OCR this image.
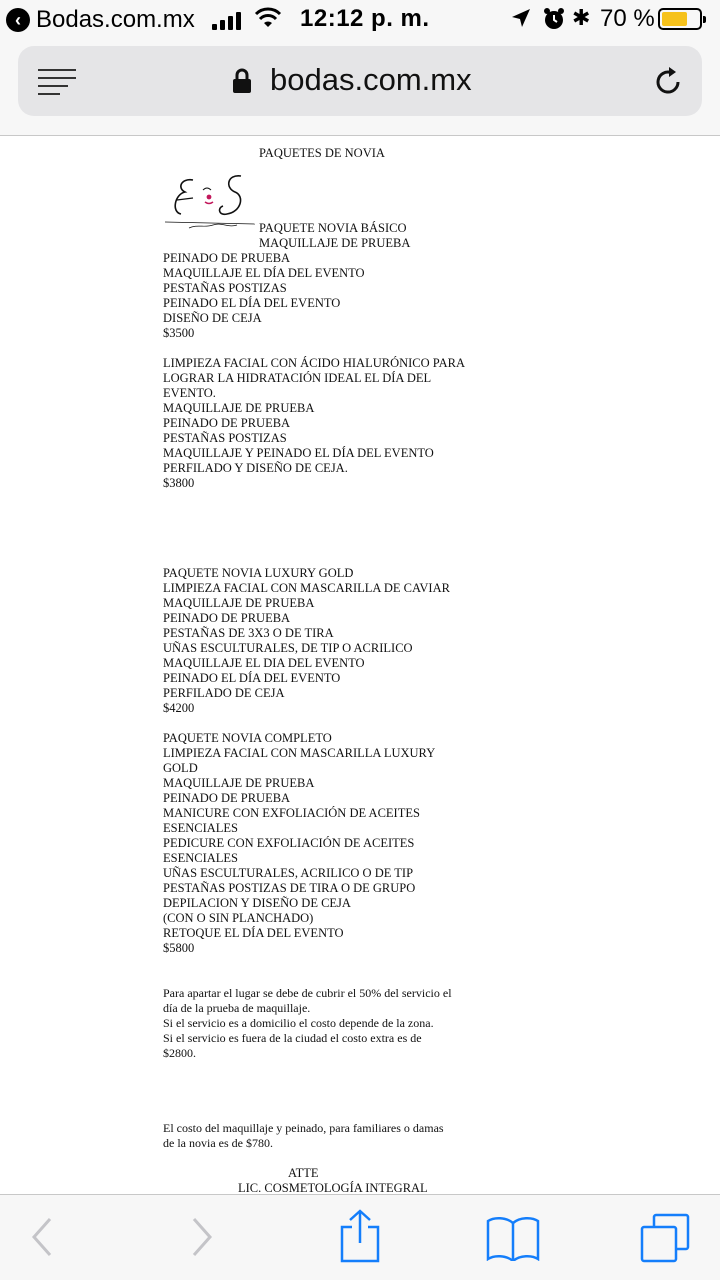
‹ Bodas.com.mx	12:12 p. m.	✱ 70 %
bodas.com.mx
PAQUETES DE NOVIA
PAQUETE NOVIA BÁSICO
MAQUILLAJE DE PRUEBA
PEINADO DE PRUEBA
MAQUILLAJE EL DÍA DEL EVENTO
PESTAÑAS POSTIZAS
PEINADO EL DÍA DEL EVENTO
DISEÑO DE CEJA
$3500
LIMPIEZA FACIAL CON ÁCIDO HIALURÓNICO PARA
LOGRAR LA HIDRATACIÓN IDEAL EL DÍA DEL
EVENTO.
MAQUILLAJE DE PRUEBA
PEINADO DE PRUEBA
PESTAÑAS POSTIZAS
MAQUILLAJE Y PEINADO EL DÍA DEL EVENTO
PERFILADO Y DISEÑO DE CEJA.
$3800
PAQUETE NOVIA LUXURY GOLD
LIMPIEZA FACIAL CON MASCARILLA DE CAVIAR
MAQUILLAJE DE PRUEBA
PEINADO DE PRUEBA
PESTAÑAS DE 3X3 O DE TIRA
UÑAS ESCULTURALES, DE TIP O ACRILICO
MAQUILLAJE EL DIA DEL EVENTO
PEINADO EL DÍA DEL EVENTO
PERFILADO DE CEJA
$4200
PAQUETE NOVIA COMPLETO
LIMPIEZA FACIAL CON MASCARILLA LUXURY
GOLD
MAQUILLAJE DE PRUEBA
PEINADO DE PRUEBA
MANICURE CON EXFOLIACIÓN DE ACEITES
ESENCIALES
PEDICURE CON EXFOLIACIÓN DE ACEITES
ESENCIALES
UÑAS ESCULTURALES, ACRILICO O DE TIP
PESTAÑAS POSTIZAS DE TIRA O DE GRUPO
DEPILACION Y DISEÑO DE CEJA
(CON O SIN PLANCHADO)
RETOQUE EL DÍA DEL EVENTO
$5800
Para apartar el lugar se debe de cubrir el 50% del servicio el
día de la prueba de maquillaje.
Si el servicio es a domicilio el costo depende de la zona.
Si el servicio es fuera de la ciudad el costo extra es de
$2800.
El costo del maquillaje y peinado, para familiares o damas
de la novia es de $780.
ATTE
LIC. COSMETOLOGÍA INTEGRAL
